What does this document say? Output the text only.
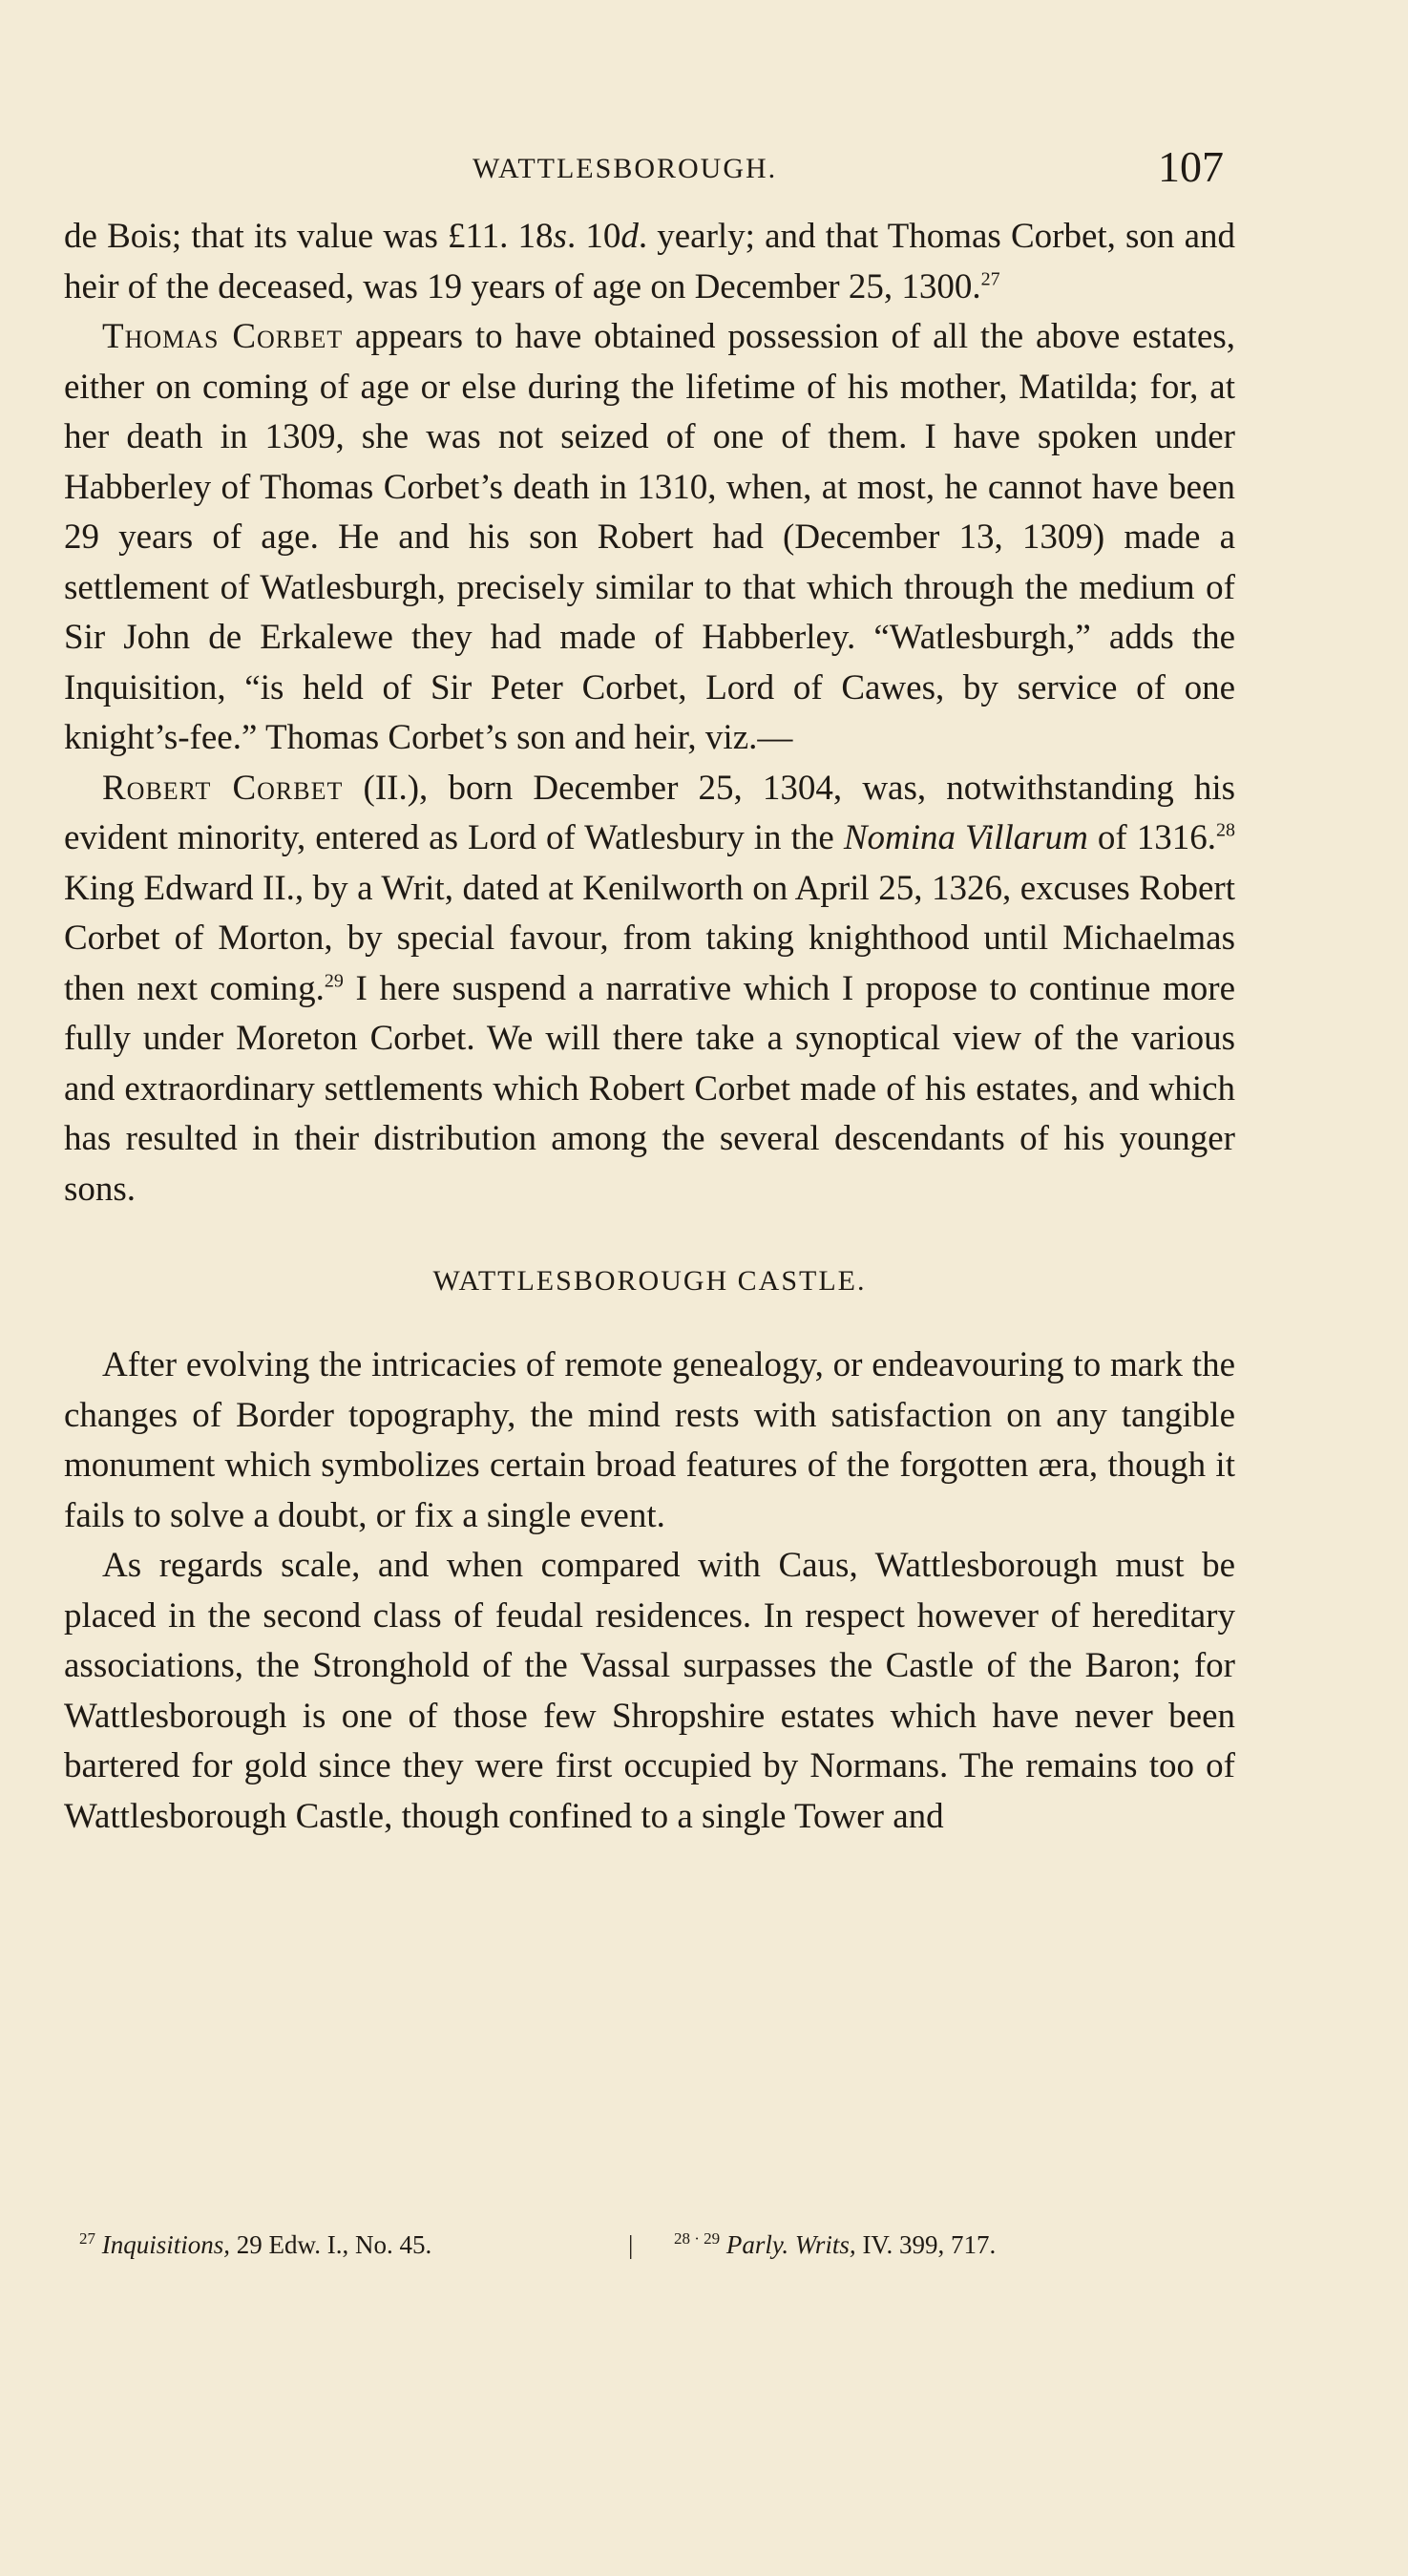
WATTLESBOROUGH.	107

de Bois; that its value was £11. 18s. 10d. yearly; and that Thomas Corbet, son and heir of the deceased, was 19 years of age on December 25, 1300.27

Thomas Corbet appears to have obtained possession of all the above estates, either on coming of age or else during the lifetime of his mother, Matilda; for, at her death in 1309, she was not seized of one of them. I have spoken under Habberley of Thomas Corbet’s death in 1310, when, at most, he cannot have been 29 years of age. He and his son Robert had (December 13, 1309) made a settlement of Watlesburgh, precisely similar to that which through the medium of Sir John de Erkalewe they had made of Habberley. “Watlesburgh,” adds the Inquisition, “is held of Sir Peter Corbet, Lord of Cawes, by service of one knight’s-fee.” Thomas Corbet’s son and heir, viz.—

Robert Corbet (II.), born December 25, 1304, was, notwithstanding his evident minority, entered as Lord of Watlesbury in the Nomina Villarum of 1316.28 King Edward II., by a Writ, dated at Kenilworth on April 25, 1326, excuses Robert Corbet of Morton, by special favour, from taking knighthood until Michaelmas then next coming.$^{29}$ I here suspend a narrative which I propose to continue more fully under Moreton Corbet. We will there take a synoptical view of the various and extraordinary settlements which Robert Corbet made of his estates, and which has resulted in their distribution among the several descendants of his younger sons.

WATTLESBOROUGH CASTLE.

After evolving the intricacies of remote genealogy, or endeavouring to mark the changes of Border topography, the mind rests with satisfaction on any tangible monument which symbolizes certain broad features of the forgotten æra, though it fails to solve a doubt, or fix a single event.

As regards scale, and when compared with Caus, Wattlesborough must be placed in the second class of feudal residences. In respect however of hereditary associations, the Stronghold of the Vassal surpasses the Castle of the Baron; for Wattlesborough is one of those few Shropshire estates which have never been bartered for gold since they were first occupied by Normans. The remains too of Wattlesborough Castle, though confined to a single Tower and

$^{27}$ Inquisitions, 29 Edw. I., No. 45.	|	$^{28 \cdot 29}$ Parly. Writs, IV. 399, 717.
